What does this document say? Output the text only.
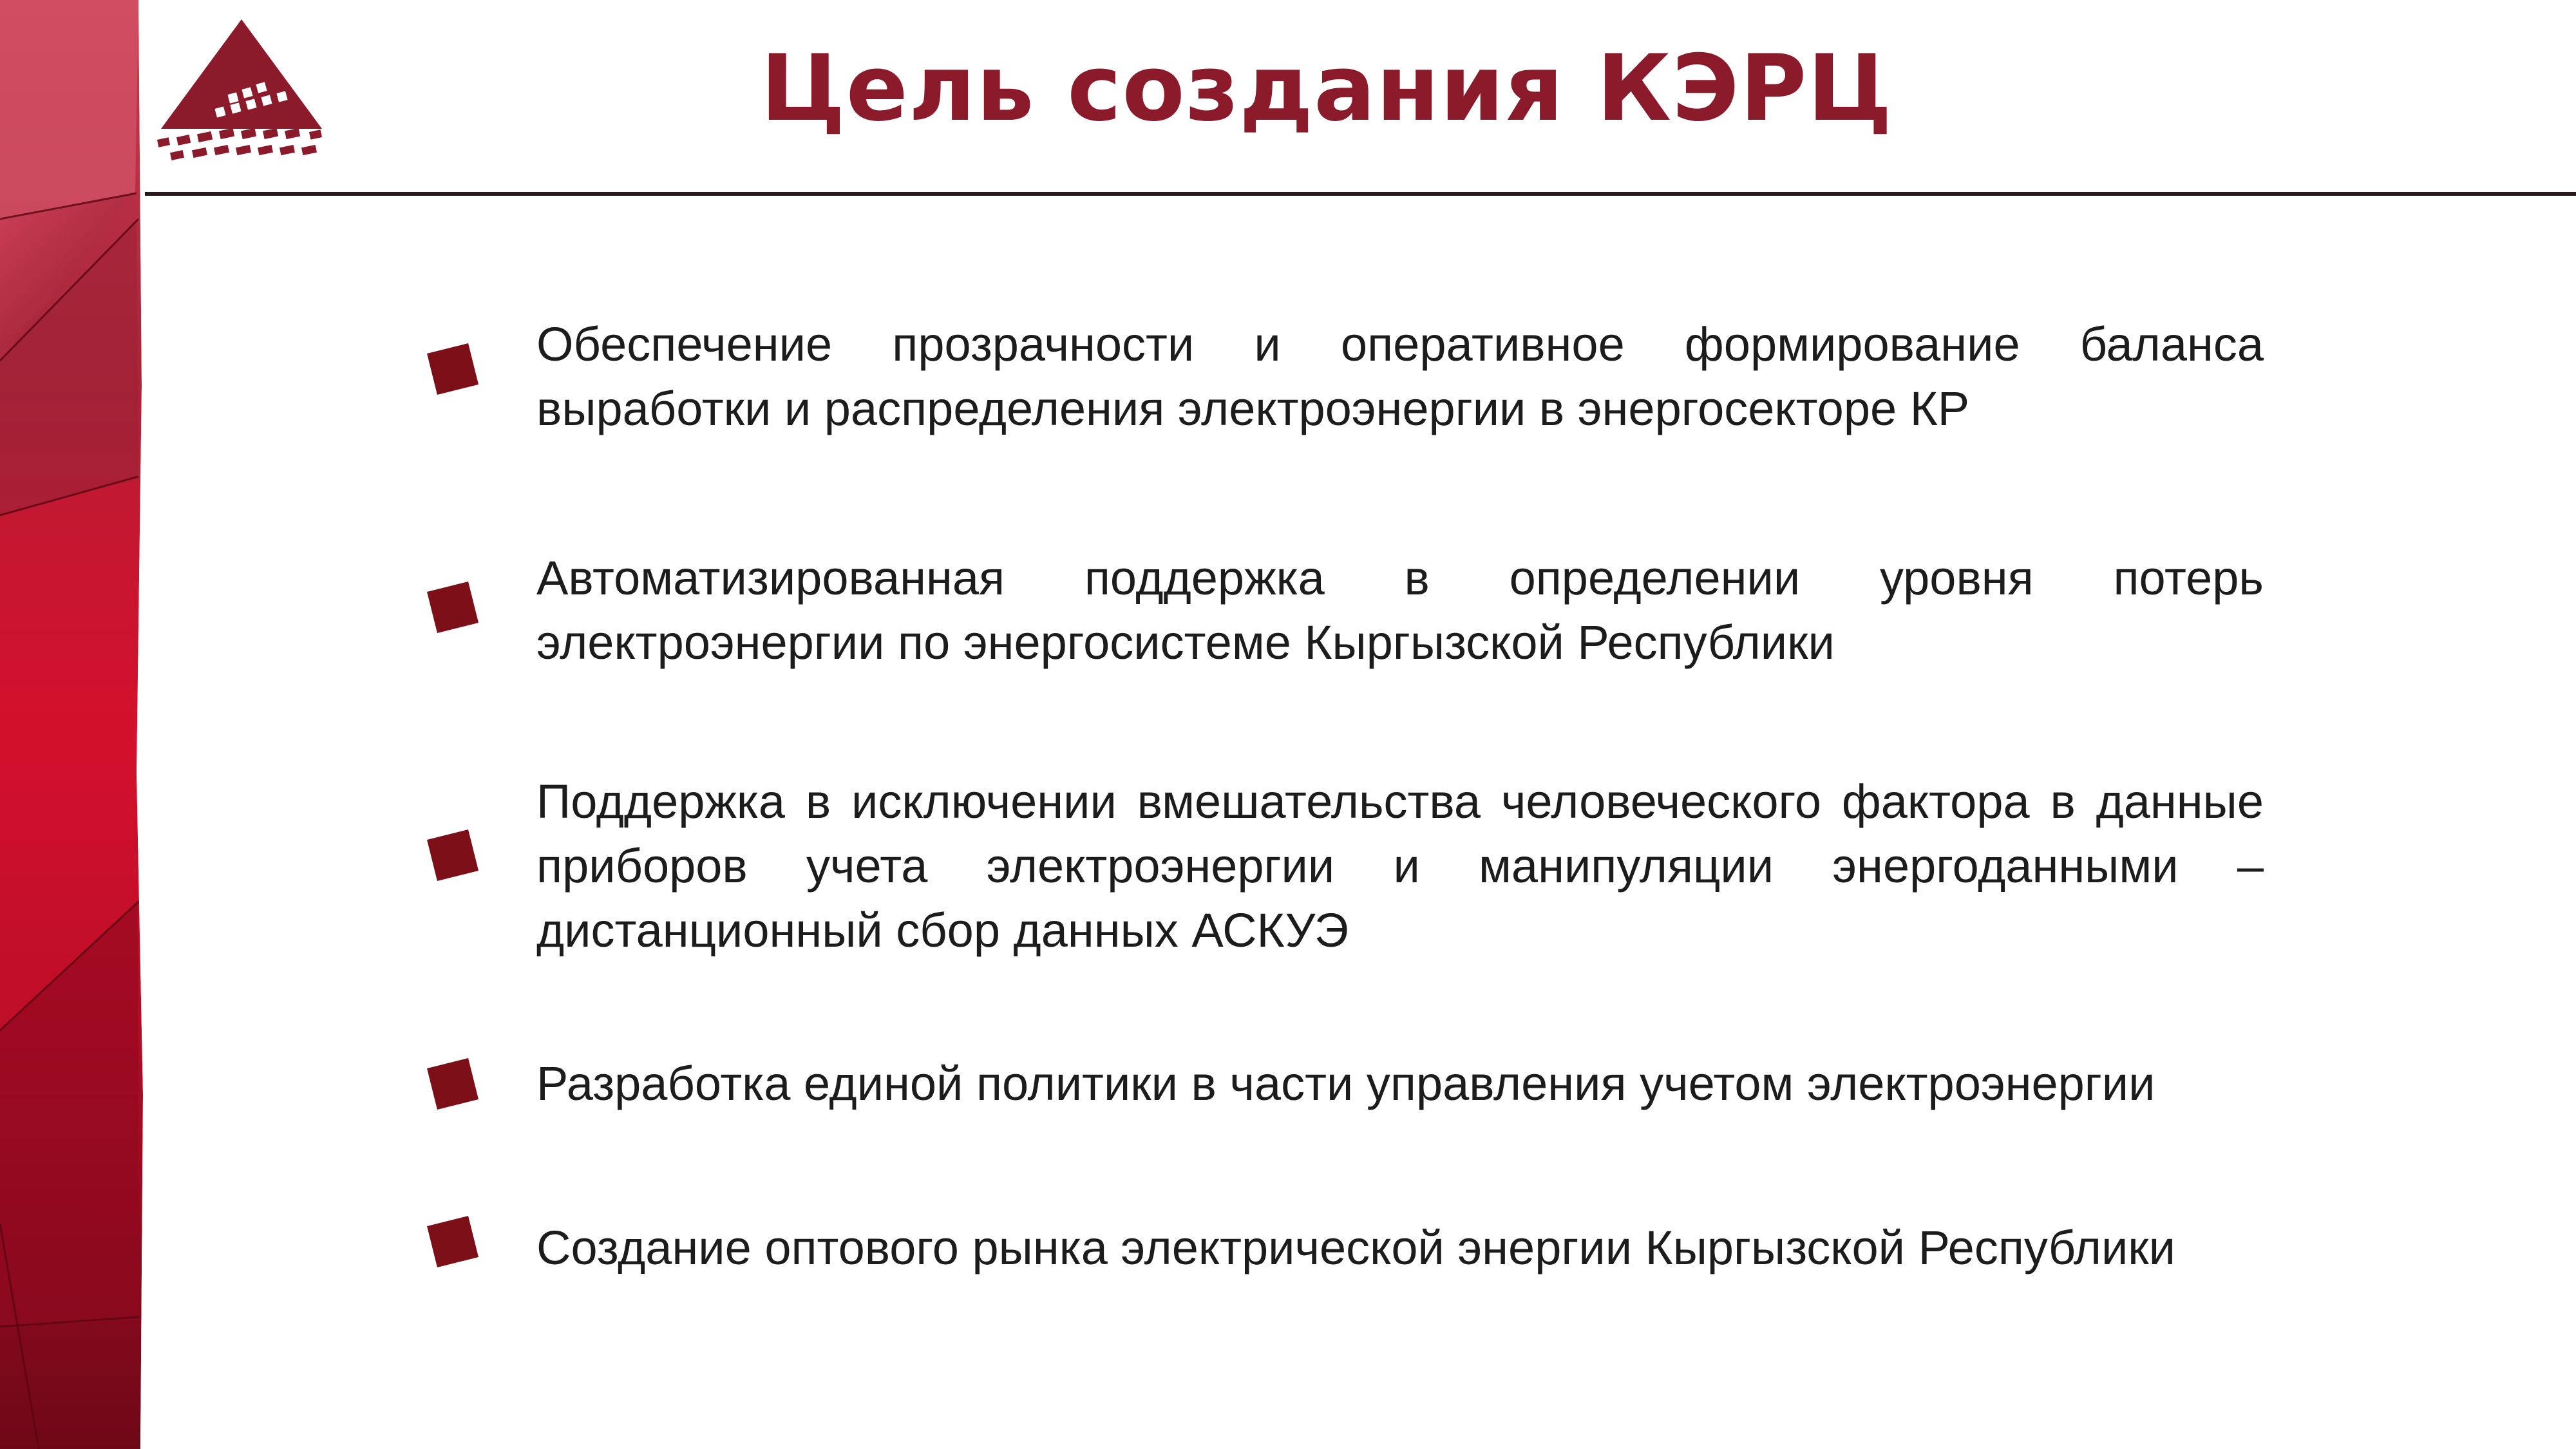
Цель создания КЭРЦ

Обеспечение прозрачности и оперативное формирование баланса выработки и распределения электроэнергии в энергосекторе КР

Автоматизированная поддержка в определении уровня потерь электроэнергии по энергосистеме Кыргызской Республики

Поддержка в исключении вмешательства человеческого фактора в данные приборов учета электроэнергии и манипуляции энергоданными – дистанционный сбор данных АСКУЭ

Разработка единой политики в части управления учетом электроэнергии

Создание оптового рынка электрической энергии Кыргызской Республики
